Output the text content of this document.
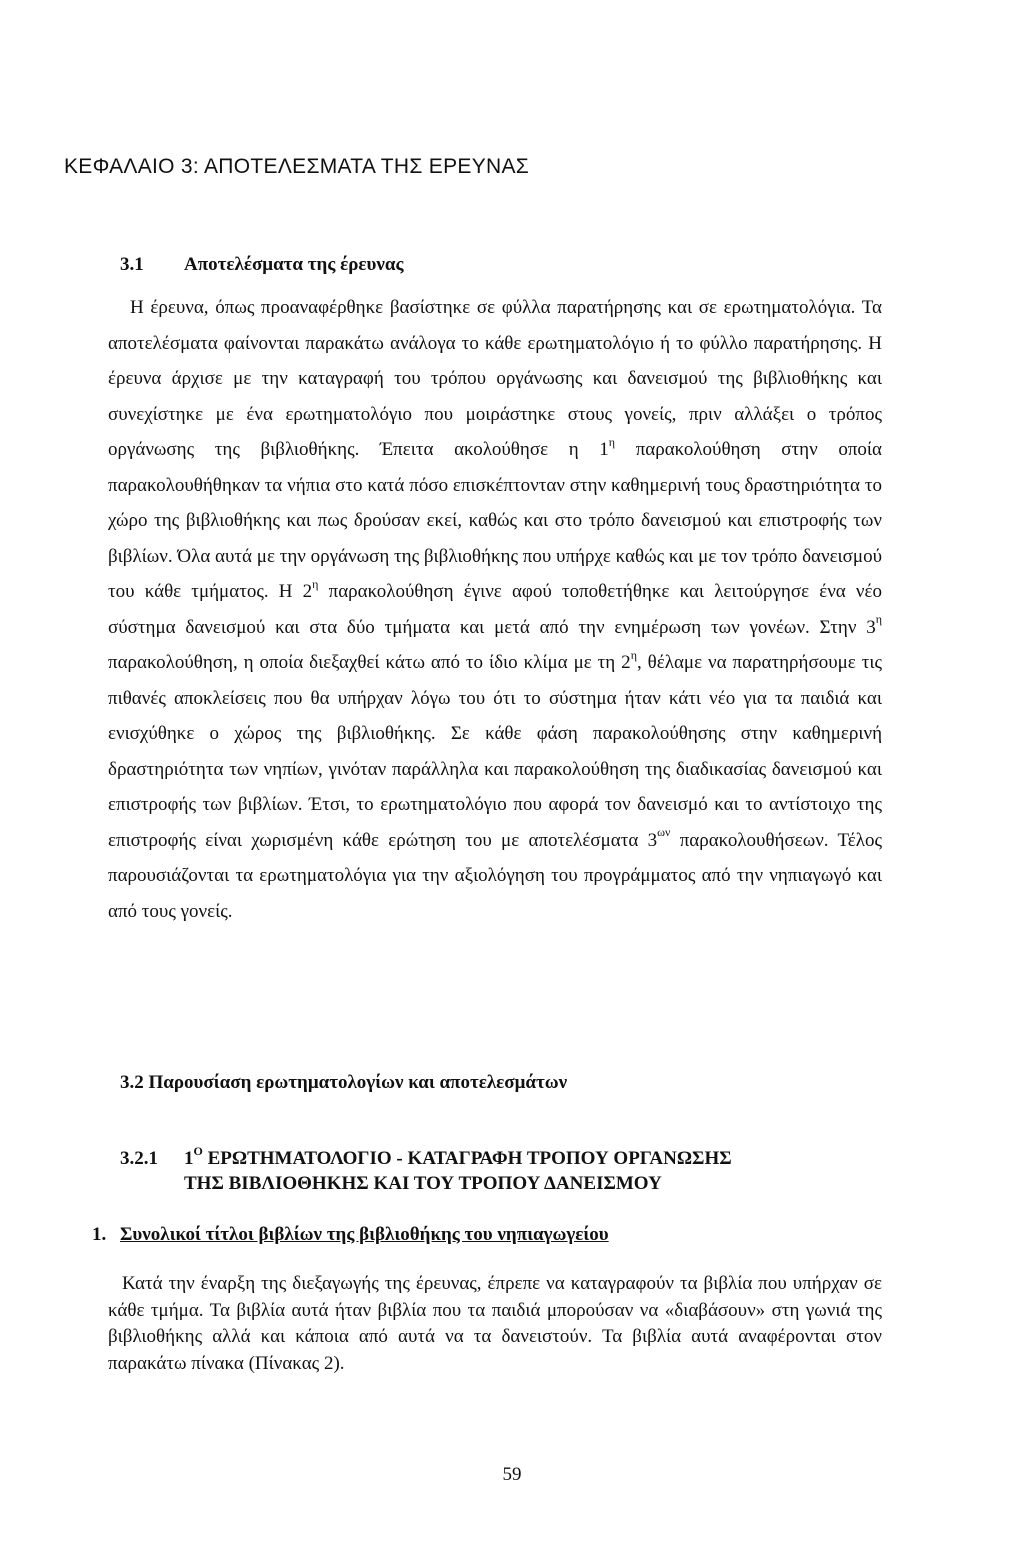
ΚΕΦΑΛΑΙΟ 3: ΑΠΟΤΕΛΕΣΜΑΤΑ ΤΗΣ ΕΡΕΥΝΑΣ
3.1 Αποτελέσματα της έρευνας
Η έρευνα, όπως προαναφέρθηκε βασίστηκε σε φύλλα παρατήρησης και σε ερωτηματολόγια. Τα αποτελέσματα φαίνονται παρακάτω ανάλογα το κάθε ερωτηματολόγιο ή το φύλλο παρατήρησης. Η έρευνα άρχισε με την καταγραφή του τρόπου οργάνωσης και δανεισμού της βιβλιοθήκης και συνεχίστηκε με ένα ερωτηματολόγιο που μοιράστηκε στους γονείς, πριν αλλάξει ο τρόπος οργάνωσης της βιβλιοθήκης. Έπειτα ακολούθησε η $1^\eta$ παρακολούθηση στην οποία παρακολουθήθηκαν τα νήπια στο κατά πόσο επισκέπτονταν στην καθημερινή τους δραστηριότητα το χώρο της βιβλιοθήκης και πως δρούσαν εκεί, καθώς και στο τρόπο δανεισμού και επιστροφής των βιβλίων. Όλα αυτά με την οργάνωση της βιβλιοθήκης που υπήρχε καθώς και με τον τρόπο δανεισμού του κάθε τμήματος. Η $2^\eta$ παρακολούθηση έγινε αφού τοποθετήθηκε και λειτούργησε ένα νέο σύστημα δανεισμού και στα δύο τμήματα και μετά από την ενημέρωση των γονέων. Στην $3^\eta$ παρακολούθηση, η οποία διεξαχθεί κάτω από το ίδιο κλίμα με τη $2^\eta$, θέλαμε να παρατηρήσουμε τις πιθανές αποκλείσεις που θα υπήρχαν λόγω του ότι το σύστημα ήταν κάτι νέο για τα παιδιά και ενισχύθηκε ο χώρος της βιβλιοθήκης. Σε κάθε φάση παρακολούθησης στην καθημερινή δραστηριότητα των νηπίων, γινόταν παράλληλα και παρακολούθηση της διαδικασίας δανεισμού και επιστροφής των βιβλίων. Έτσι, το ερωτηματολόγιο που αφορά τον δανεισμό και το αντίστοιχο της επιστροφής είναι χωρισμένη κάθε ερώτηση του με αποτελέσματα $3^{\omega\nu}$ παρακολουθήσεων. Τέλος παρουσιάζονται τα ερωτηματολόγια για την αξιολόγηση του προγράμματος από την νηπιαγωγό και από τους γονείς.
3.2 Παρουσίαση ερωτηματολογίων και αποτελεσμάτων
3.2.1 $1^O$ ΕΡΩΤΗΜΑΤΟΛΟΓΙΟ - ΚΑΤΑΓΡΑΦΗ ΤΡΟΠΟΥ ΟΡΓΑΝΩΣΗΣ
ΤΗΣ ΒΙΒΛΙΟΘΗΚΗΣ ΚΑΙ ΤΟΥ ΤΡΟΠΟΥ ΔΑΝΕΙΣΜΟΥ
1. Συνολικοί τίτλοι βιβλίων της βιβλιοθήκης του νηπιαγωγείου
Κατά την έναρξη της διεξαγωγής της έρευνας, έπρεπε να καταγραφούν τα βιβλία που υπήρχαν σε κάθε τμήμα. Τα βιβλία αυτά ήταν βιβλία που τα παιδιά μπορούσαν να «διαβάσουν» στη γωνιά της βιβλιοθήκης αλλά και κάποια από αυτά να τα δανειστούν. Τα βιβλία αυτά αναφέρονται στον παρακάτω πίνακα (Πίνακας 2).
59
